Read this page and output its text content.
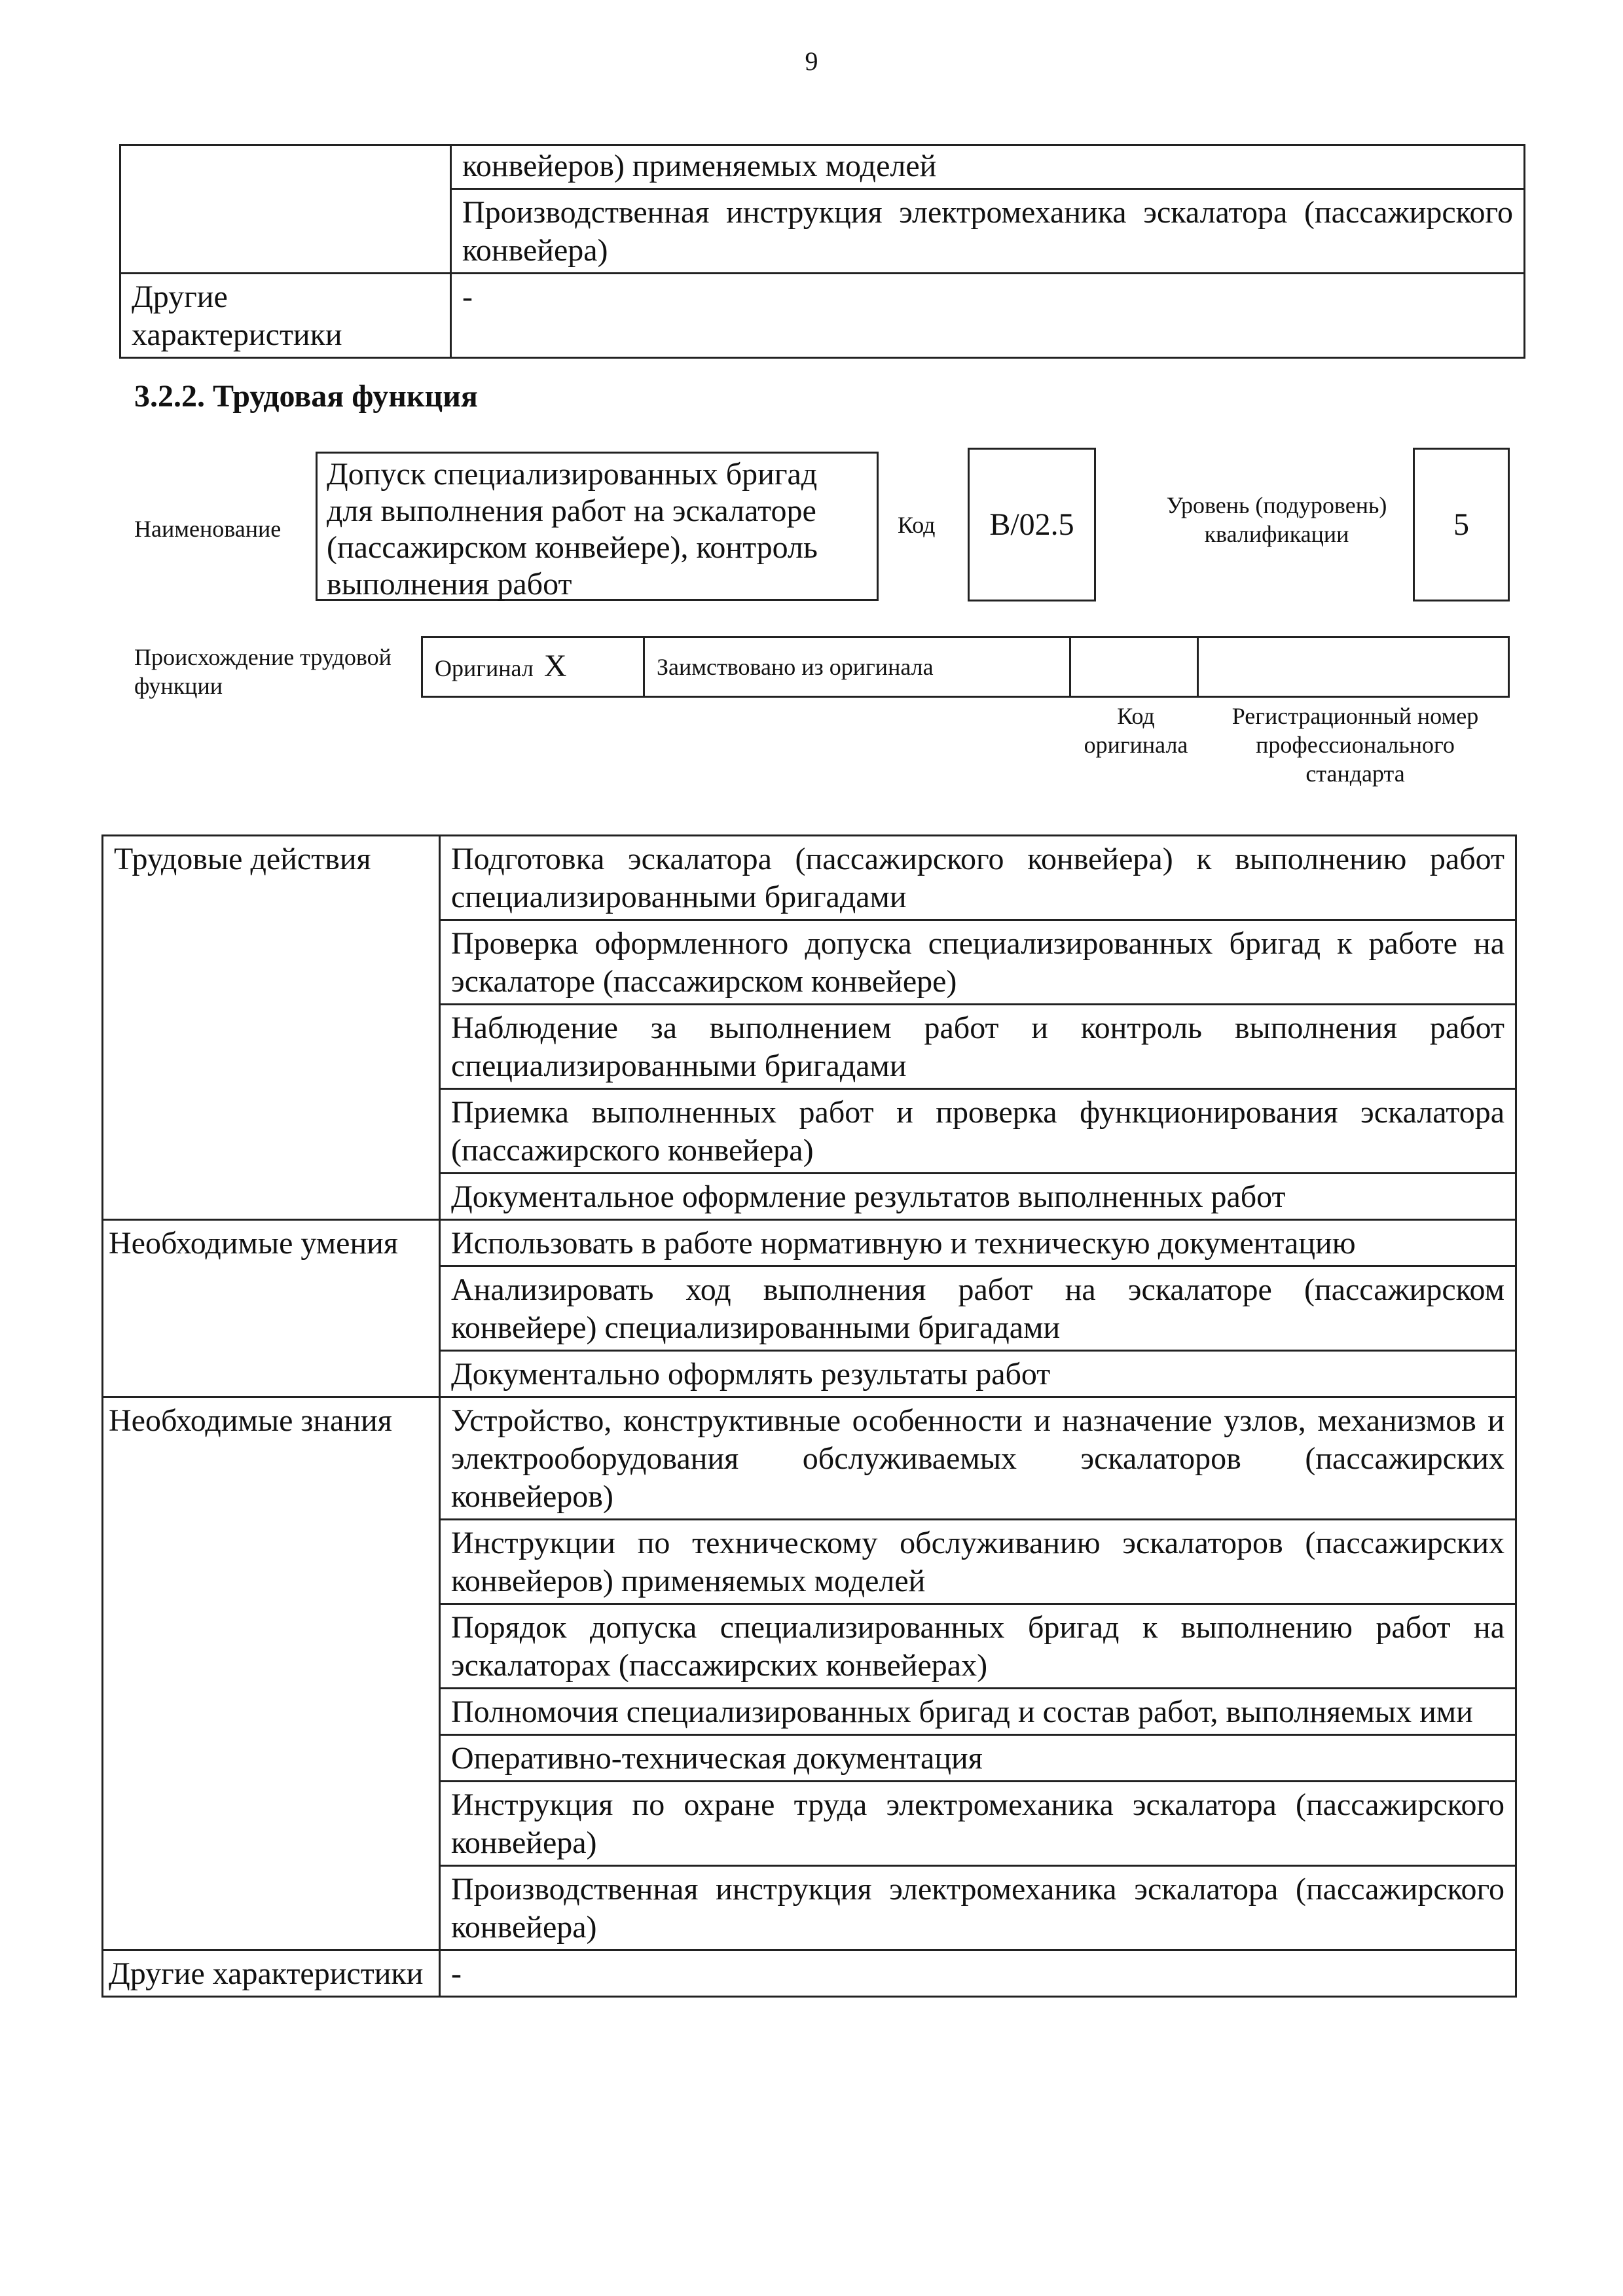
9
	конвейеров) применяемых моделей
	Производственная инструкция электромеханика эскалатора (пассажирского конвейера)
Другие характеристики	-
3.2.2. Трудовая функция
Наименование
Допуск специализированных бригад для выполнения работ на эскалаторе (пассажирском конвейере), контроль выполнения работ
Код	B/02.5
Уровень (подуровень) квалификации	5
Происхождение трудовой функции
Оригинал X	Заимствовано из оригинала		
Код оригинала
Регистрационный номер профессионального стандарта
Трудовые действия	Подготовка эскалатора (пассажирского конвейера) к выполнению работ специализированными бригадами
	Проверка оформленного допуска специализированных бригад к работе на эскалаторе (пассажирском конвейере)
	Наблюдение за выполнением работ и контроль выполнения работ специализированными бригадами
	Приемка выполненных работ и проверка функционирования эскалатора (пассажирского конвейера)
	Документальное оформление результатов выполненных работ
Необходимые умения	Использовать в работе нормативную и техническую документацию
	Анализировать ход выполнения работ на эскалаторе (пассажирском конвейере) специализированными бригадами
	Документально оформлять результаты работ
Необходимые знания	Устройство, конструктивные особенности и назначение узлов, механизмов и электрооборудования обслуживаемых эскалаторов (пассажирских конвейеров)
	Инструкции по техническому обслуживанию эскалаторов (пассажирских конвейеров) применяемых моделей
	Порядок допуска специализированных бригад к выполнению работ на эскалаторах (пассажирских конвейерах)
	Полномочия специализированных бригад и состав работ, выполняемых ими
	Оперативно-техническая документация
	Инструкция по охране труда электромеханика эскалатора (пассажирского конвейера)
	Производственная инструкция электромеханика эскалатора (пассажирского конвейера)
Другие характеристики	-
